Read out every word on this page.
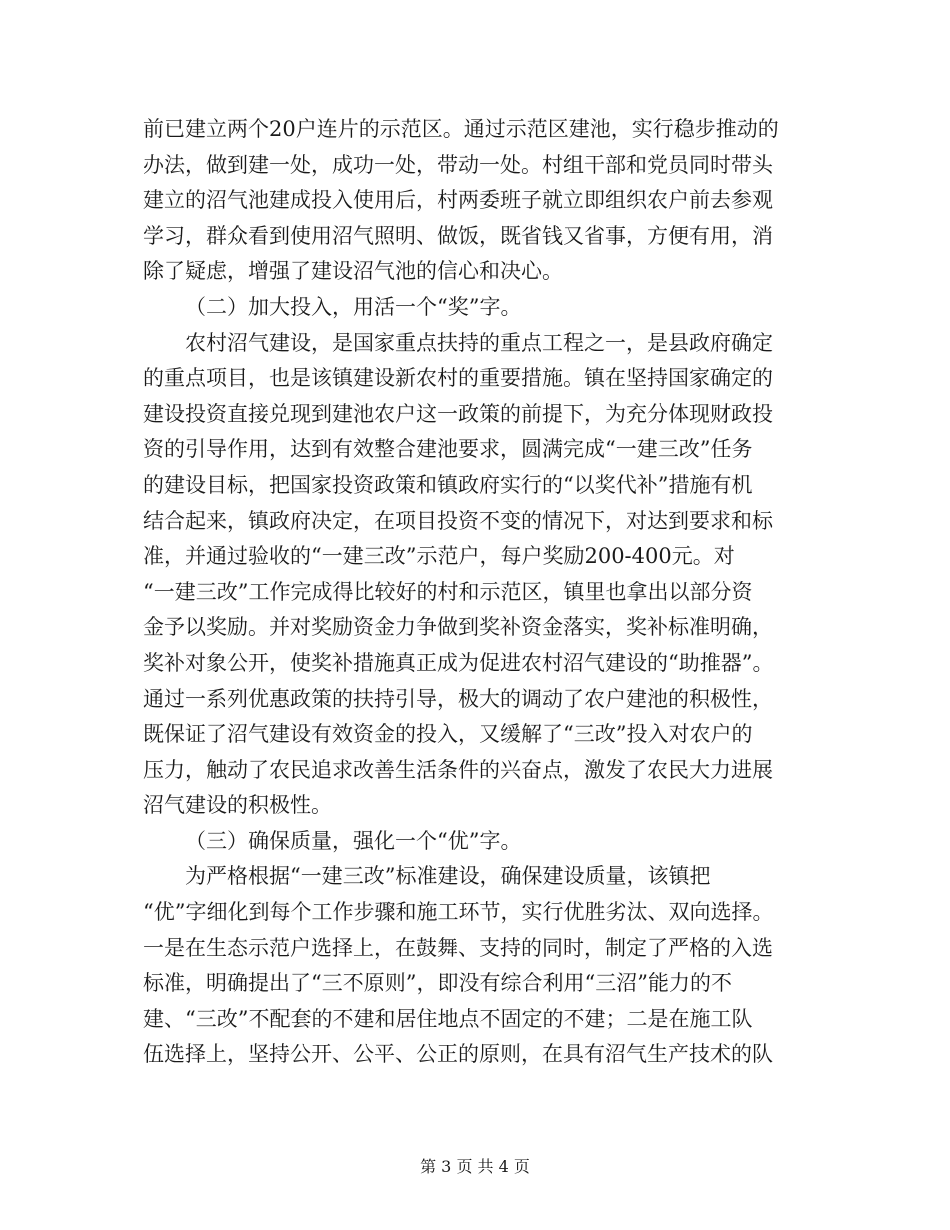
前已建立两个20户连片的示范区。通过示范区建池，实行稳步推动的
办法，做到建一处，成功一处，带动一处。村组干部和党员同时带头
建立的沼气池建成投入使用后，村两委班子就立即组织农户前去参观
学习，群众看到使用沼气照明、做饭，既省钱又省事，方便有用，消
除了疑虑，增强了建设沼气池的信心和决心。
（二）加大投入，用活一个“奖”字。
农村沼气建设，是国家重点扶持的重点工程之一，是县政府确定
的重点项目，也是该镇建设新农村的重要措施。镇在坚持国家确定的
建设投资直接兑现到建池农户这一政策的前提下，为充分体现财政投
资的引导作用，达到有效整合建池要求，圆满完成“一建三改”任务
的建设目标，把国家投资政策和镇政府实行的“以奖代补”措施有机
结合起来，镇政府决定，在项目投资不变的情况下，对达到要求和标
准，并通过验收的“一建三改”示范户，每户奖励200-400元。对
“一建三改”工作完成得比较好的村和示范区，镇里也拿出以部分资
金予以奖励。并对奖励资金力争做到奖补资金落实，奖补标准明确，
奖补对象公开，使奖补措施真正成为促进农村沼气建设的“助推器”。
通过一系列优惠政策的扶持引导，极大的调动了农户建池的积极性，
既保证了沼气建设有效资金的投入，又缓解了“三改”投入对农户的
压力，触动了农民追求改善生活条件的兴奋点，激发了农民大力进展
沼气建设的积极性。
（三）确保质量，强化一个“优”字。
为严格根据“一建三改”标准建设，确保建设质量，该镇把
“优”字细化到每个工作步骤和施工环节，实行优胜劣汰、双向选择。
一是在生态示范户选择上，在鼓舞、支持的同时，制定了严格的入选
标准，明确提出了“三不原则”，即没有综合利用“三沼”能力的不
建、“三改”不配套的不建和居住地点不固定的不建；二是在施工队
伍选择上，坚持公开、公平、公正的原则，在具有沼气生产技术的队
第 3 页 共 4 页
